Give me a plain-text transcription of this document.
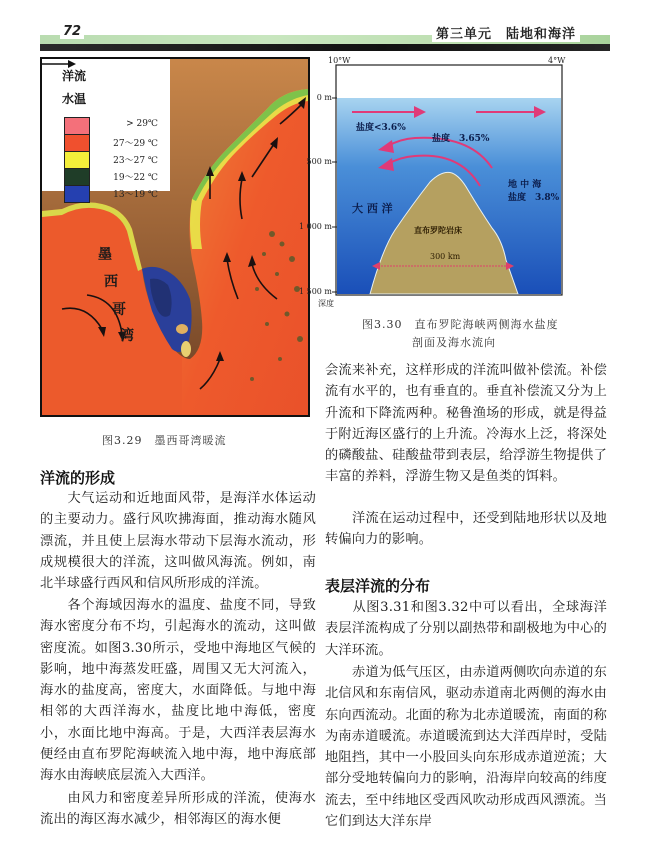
72	第三单元　陆地和海洋
洋流
水温
> 29℃
27～29 ℃
23～27 ℃
19～22 ℃
13～19 ℃
墨
西
哥
湾
图3.29　墨西哥湾暖流
10°W	4°W
0 m
500 m
1 000 m
1 500 m
深度
盐度<3.6%
盐度　3.65%
地 中 海
盐度　3.8%
大 西 洋
直布罗陀岩床
300 km
图3.30　直布罗陀海峡两侧海水盐度
剖面及海水流向
洋流的形成
大气运动和近地面风带，是海洋水体运动的主要动力。盛行风吹拂海面，推动海水随风漂流，并且使上层海水带动下层海水流动，形成规模很大的洋流，这叫做风海流。例如，南北半球盛行西风和信风所形成的洋流。
各个海域因海水的温度、盐度不同，导致海水密度分布不均，引起海水的流动，这叫做密度流。如图3.30所示，受地中海地区气候的影响，地中海蒸发旺盛，周围又无大河流入，海水的盐度高，密度大，水面降低。与地中海相邻的大西洋海水，盐度比地中海低，密度小，水面比地中海高。于是，大西洋表层海水便经由直布罗陀海峡流入地中海，地中海底部海水由海峡底层流入大西洋。
由风力和密度差异所形成的洋流，使海水流出的海区海水减少，相邻海区的海水便
会流来补充，这样形成的洋流叫做补偿流。补偿流有水平的，也有垂直的。垂直补偿流又分为上升流和下降流两种。秘鲁渔场的形成，就是得益于附近海区盛行的上升流。冷海水上泛，将深处的磷酸盐、硅酸盐带到表层，给浮游生物提供了丰富的养料，浮游生物又是鱼类的饵料。
洋流在运动过程中，还受到陆地形状以及地转偏向力的影响。
表层洋流的分布
从图3.31和图3.32中可以看出，全球海洋表层洋流构成了分别以副热带和副极地为中心的大洋环流。
赤道为低气压区，由赤道两侧吹向赤道的东北信风和东南信风，驱动赤道南北两侧的海水由东向西流动。北面的称为北赤道暖流，南面的称为南赤道暖流。赤道暖流到达大洋西岸时，受陆地阻挡，其中一小股回头向东形成赤道逆流；大部分受地转偏向力的影响，沿海岸向较高的纬度流去，至中纬地区受西风吹动形成西风漂流。当它们到达大洋东岸
